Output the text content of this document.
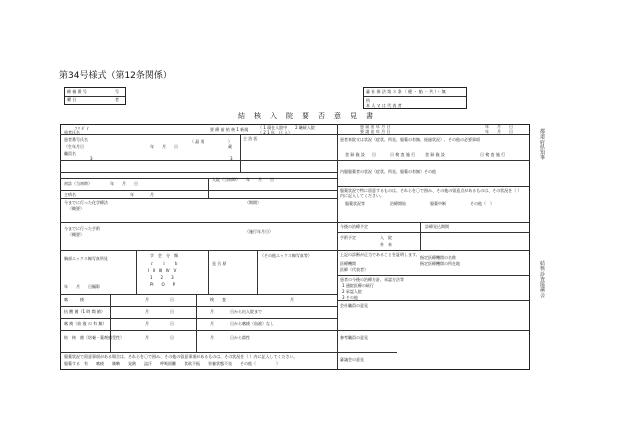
第34号様式（第12条関係）
療 養 番 号	号
曜 日	者
審 社 保 法 第 ３ 条 （ 健 ・ 船 ・ 共 ）・ 無
所
本 人 又 は 代 表 者
結　核　入　院　要　否　意　見　書
ﾌ ﾘ ｶﾞ ﾅ
患者氏名
要 療 前 結 核 1 新規 （ 1 現在入院中　　2 継続入院
（ 2 1 年　日 入）
患 届 出 年 月 日	年　　月　　日
要 請 出 年 月 日	年　　月　　日
患者番号氏名	（ 晶 男	）
（生年月日	年　　月　　日	歳
職員名
3	3
主 治 医
初診（当初時）	年　　月　　日
入院（当初時）　　年　　月　　日
主病名	年	月
今までに行った化学療法
（概要）
（期間）
今までに行った手術
（概要）
（施行年月日）
胸部エックス線写真所見
年　　月　　日撮影
学　会　分　類
ｒ　　ｌ　　ｂ
Ⅰ　Ⅱ　Ⅲ　Ⅳ　Ⅴ
1　　2　　3
Pl　　O　　P
見 合 原
（その他エックス線写真等）
喀　　　痰	月	日	検　　査	月
抗 酸 菌（1 時 間 値）	月	日	月	日から出入院まで
喀 痰（血 液 の 有 無）	月	日	月	日から喀痰（血液）なし
結　核　菌（培養・薬剤感受性）	月	日	月	日から陰性
服薬状況で留意事項がある場合は、それらを〇で囲み、その他の留意事項があるものは、その状況を（ ）内に記入してください。
服薬する　有　　喀痰　　咳嗽　　発熱　　盗汗　　呼吸困難　　食欲不振　　栄養状態不良　　その他（　　　　　）
患者来院又は状況（症状、所見、服薬の有無、経過状況）、その他の必要事項
登 録 施 設 日	日 検 査 施 行 登 録 施 設	日 検 査 施 行
内服服薬者の状況（症状、所見、服薬の有無）その他
服薬状況で特に留意するものは、それらを〇で囲み、その他の留意点があるものは、その状況を（ ）内に記入してください。
服薬状況等	治療開始	服薬中断	その他（　）
今後の治療予定	診療見込期間
手術予定	入　院
外　来
上記の診断が正当であることを証明します。
医療機関
医師（代表者）
指定医療機関の名称
指定医療機関の所在地
患者の今後の治療方針、承認方法等
1 通院医療の続行
2 承認入院
3 その他
会社職員の意見
参考職員の意見
審議会の意見
都道府県知事
結核診査協議会
